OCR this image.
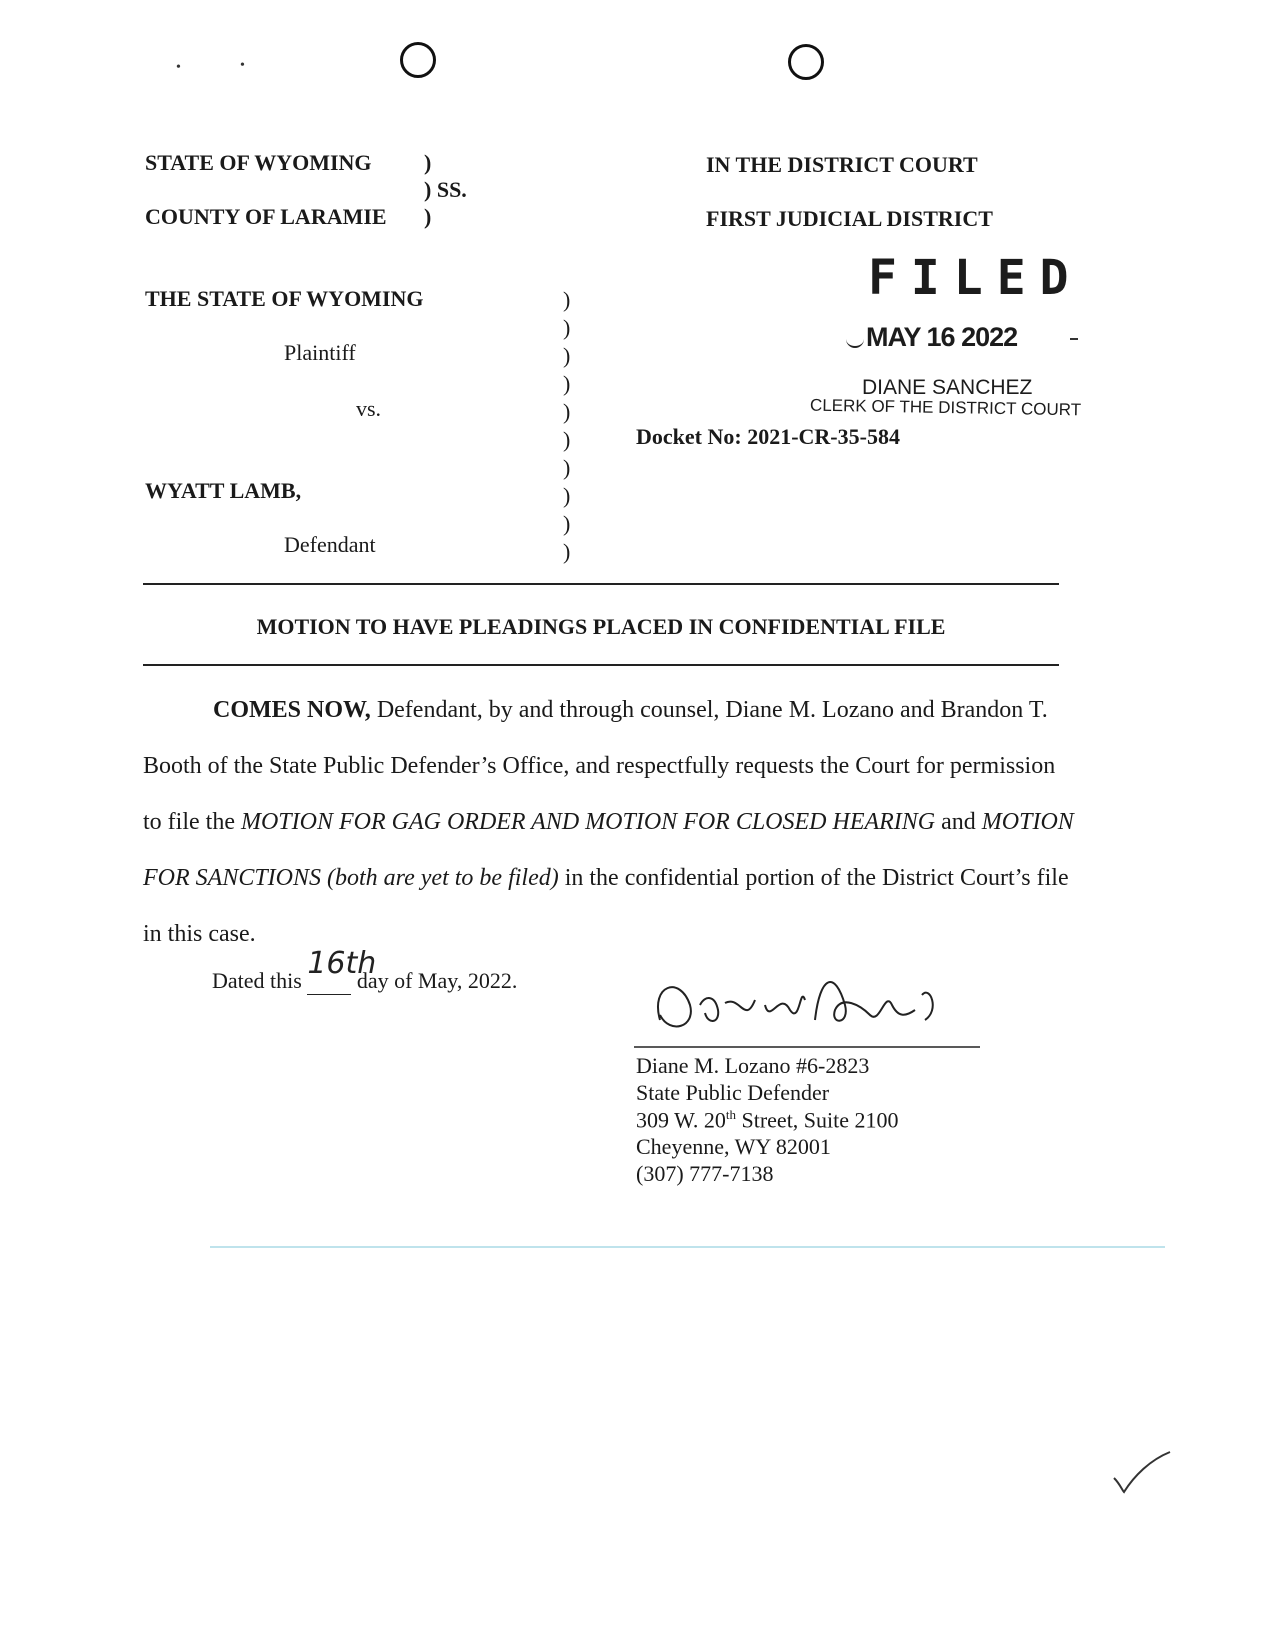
•	•
STATE OF WYOMING )
) SS.
COUNTY OF LARAMIE )
IN THE DISTRICT COURT
FIRST JUDICIAL DISTRICT
THE STATE OF WYOMING
Plaintiff
vs.
WYATT LAMB,
Defendant
)
)
)
)
)
)
)
)
)
)
Docket No: 2021-CR-35-584
FILED
MAY 16 2022
DIANE SANCHEZ
CLERK OF THE DISTRICT COURT
MOTION TO HAVE PLEADINGS PLACED IN CONFIDENTIAL FILE
COMES NOW, Defendant, by and through counsel, Diane M. Lozano and Brandon T.
Booth of the State Public Defender’s Office, and respectfully requests the Court for permission
to file the MOTION FOR GAG ORDER AND MOTION FOR CLOSED HEARING and MOTION
FOR SANCTIONS (both are yet to be filed) in the confidential portion of the District Court’s file
in this case.
Dated this 16th
day of May, 2022.
Diane M. Lozano #6-2823
State Public Defender
309 W. 20th Street, Suite 2100
Cheyenne, WY 82001
(307) 777-7138
